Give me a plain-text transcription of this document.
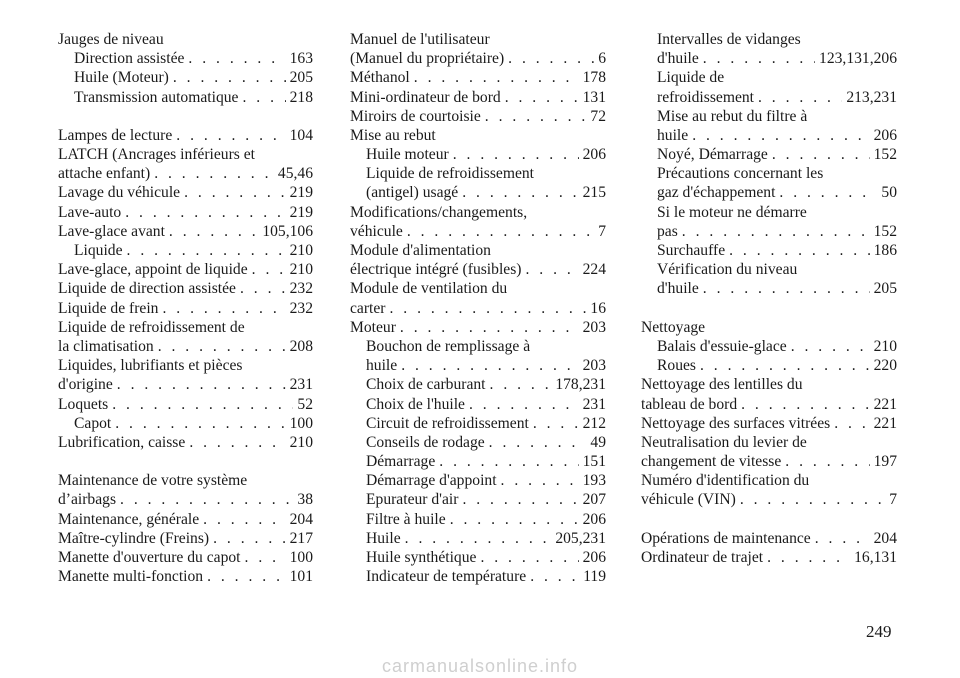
Jauges de niveau
Direction assistée . . .	163
Huile (Moteur) . . .	205
Transmission automatique . . .	218
Lampes de lecture . . .	104
LATCH (Ancrages inférieurs et
attache enfant) . . .	45,46
Lavage du véhicule . . .	219
Lave-auto . . .	219
Lave-glace avant . . .	105,106
Liquide . . .	210
Lave-glace, appoint de liquide . . .	210
Liquide de direction assistée . . .	232
Liquide de frein . . .	232
Liquide de refroidissement de
la climatisation . . .	208
Liquides, lubrifiants et pièces
d'origine . . .	231
Loquets . . .	52
Capot . . .	100
Lubrification, caisse . . .	210
Maintenance de votre système
d’airbags . . .	38
Maintenance, générale . . .	204
Maître-cylindre (Freins) . . .	217
Manette d'ouverture du capot . . .	100
Manette multi-fonction . . .	101
Manuel de l'utilisateur
(Manuel du propriétaire) . . .	6
Méthanol . . .	178
Mini-ordinateur de bord . . .	131
Miroirs de courtoisie . . .	72
Mise au rebut
Huile moteur . . .	206
Liquide de refroidissement
(antigel) usagé . . .	215
Modifications/changements,
véhicule . . .	7
Module d'alimentation
électrique intégré (fusibles) . . .	224
Module de ventilation du
carter . . .	16
Moteur . . .	203
Bouchon de remplissage à
huile . . .	203
Choix de carburant . . .	178,231
Choix de l'huile . . .	231
Circuit de refroidissement . . .	212
Conseils de rodage . . .	49
Démarrage . . .	151
Démarrage d'appoint . . .	193
Epurateur d'air . . .	207
Filtre à huile . . .	206
Huile . . .	205,231
Huile synthétique . . .	206
Indicateur de température . . .	119
Intervalles de vidanges
d'huile . . .	123,131,206
Liquide de
refroidissement . . .	213,231
Mise au rebut du filtre à
huile . . .	206
Noyé, Démarrage . . .	152
Précautions concernant les
gaz d'échappement . . .	50
Si le moteur ne démarre
pas . . .	152
Surchauffe . . .	186
Vérification du niveau
d'huile . . .	205
Nettoyage
Balais d'essuie-glace . . .	210
Roues . . .	220
Nettoyage des lentilles du
tableau de bord . . .	221
Nettoyage des surfaces vitrées . . .	221
Neutralisation du levier de
changement de vitesse . . .	197
Numéro d'identification du
véhicule (VIN) . . .	7
Opérations de maintenance . . .	204
Ordinateur de trajet . . .	16,131
249
carmanualsonline.info
